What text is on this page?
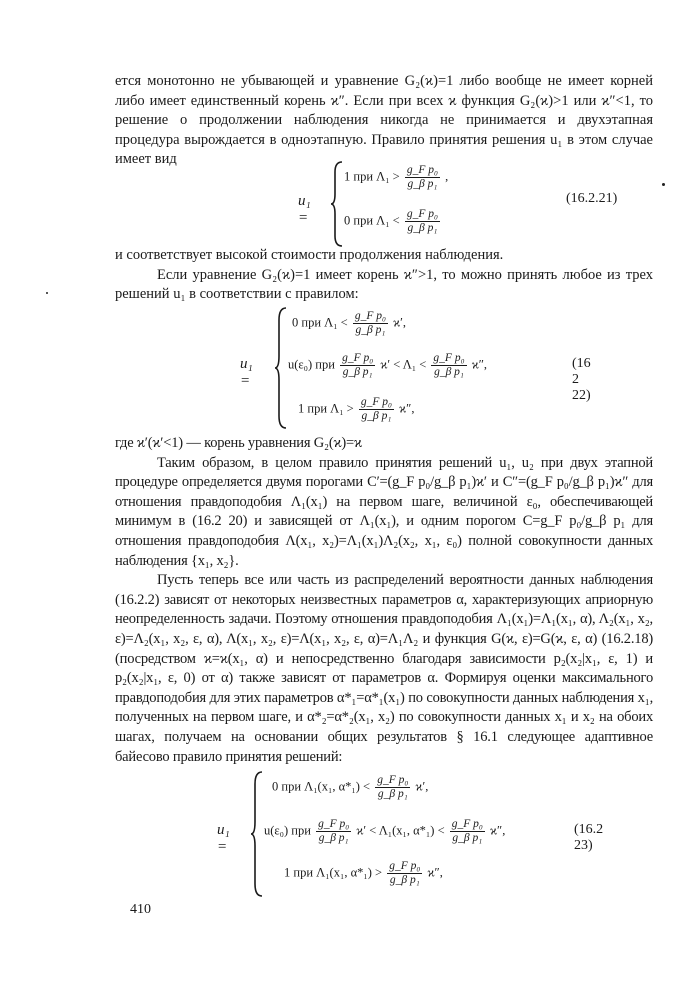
ется монотонно не убывающей и уравнение G₂(ϰ)=1 либо вообще не имеет корней либо имеет единственный корень ϰ″. Если при всех ϰ функция G₂(ϰ)>1 или ϰ″<1, то решение о продолжении наблюдения никогда не принимается и двухэтапная процедура вырождается в одноэтапную. Правило принятия решения u₁ в этом случае имеет вид

u₁ =
1 при $\Lambda_1 > \frac{\text{g\_F p₀}}{\text{g\_β p₁}}$ ,
0 при $\Lambda_1 < \frac{\text{g\_F p₀}}{\text{g\_β p₁}}$
(16.2.21)

и соответствует высокой стоимости продолжения наблюдения.

Если уравнение G₂(ϰ)=1 имеет корень ϰ″>1, то можно принять любое из трех решений u₁ в соответствии с правилом:

u₁ =
0 при $\Lambda_1 < \frac{\text{g\_F p₀}}{\text{g\_β p₁}} ϰ'$,
u(ε₀) при $\frac{\text{g\_F p₀}}{\text{g\_β p₁}} ϰ' < \Lambda_1 < \frac{\text{g\_F p₀}}{\text{g\_β p₁}} ϰ''$,
1 при $\Lambda_1 > \frac{\text{g\_F p₀}}{\text{g\_β p₁}} ϰ''$,
(16 2 22)

где ϰ′(ϰ′<1) — корень уравнения G₂(ϰ)=ϰ

Таким образом, в целом правило принятия решений u₁, u₂ при двух этапной процедуре определяется двумя порогами C′=(g_F p₀/g_β p₁)ϰ′ и C″=(g_F p₀/g_β p₁)ϰ″ для отношения правдоподобия Λ₁(x₁) на первом шаге, величиной ε₀, обеспечивающей минимум в (16.2 20) и зависящей от Λ₁(x₁), и одним порогом C=g_F p₀/g_β p₁ для отношения правдоподобия Λ(x₁, x₂)=Λ₁(x₁)Λ₂(x₂, x₁, ε₀) полной совокупности данных наблюдения {x₁, x₂}.

Пусть теперь все или часть из распределений вероятности данных наблюдения (16.2.2) зависят от некоторых неизвестных параметров α, характеризующих априорную неопределенность задачи. Поэтому отношения правдоподобия Λ₁(x₁)=Λ₁(x₁, α), Λ₂(x₁, x₂, ε)=Λ₂(x₁, x₂, ε, α), Λ(x₁, x₂, ε)=Λ(x₁, x₂, ε, α)=Λ₁Λ₂ и функция G(ϰ, ε)=G(ϰ, ε, α) (16.2.18) (посредством ϰ=ϰ(x₁, α) и непосредственно благодаря зависимости p₂(x₂|x₁, ε, 1) и p₂(x₂|x₁, ε, 0) от α) также зависят от параметров α. Формируя оценки максимального правдоподобия для этих параметров α*₁=α*₁(x₁) по совокупности данных наблюдения x₁, полученных на первом шаге, и α*₂=α*₂(x₁, x₂) по совокупности данных x₁ и x₂ на обоих шагах, получаем на основании общих результатов § 16.1 следующее адаптивное байесово правило принятия решений:

u₁ =
0 при Λ₁(x₁, $\alpha*_1) < \frac{\text{g\_F p₀}}{\text{g\_β p₁}} ϰ'$,
u(ε₀) при $\frac{\text{g\_F p₀}}{\text{g\_β p₁}} ϰ' < \Lambda_1(x_1$, $\alpha*_1) < \frac{\text{g\_F p₀}}{\text{g\_β p₁}} ϰ''$,
1 при Λ₁(x₁, $\alpha*_1) > \frac{\text{g\_F p₀}}{\text{g\_β p₁}} ϰ''$,
(16.2 23)
410
